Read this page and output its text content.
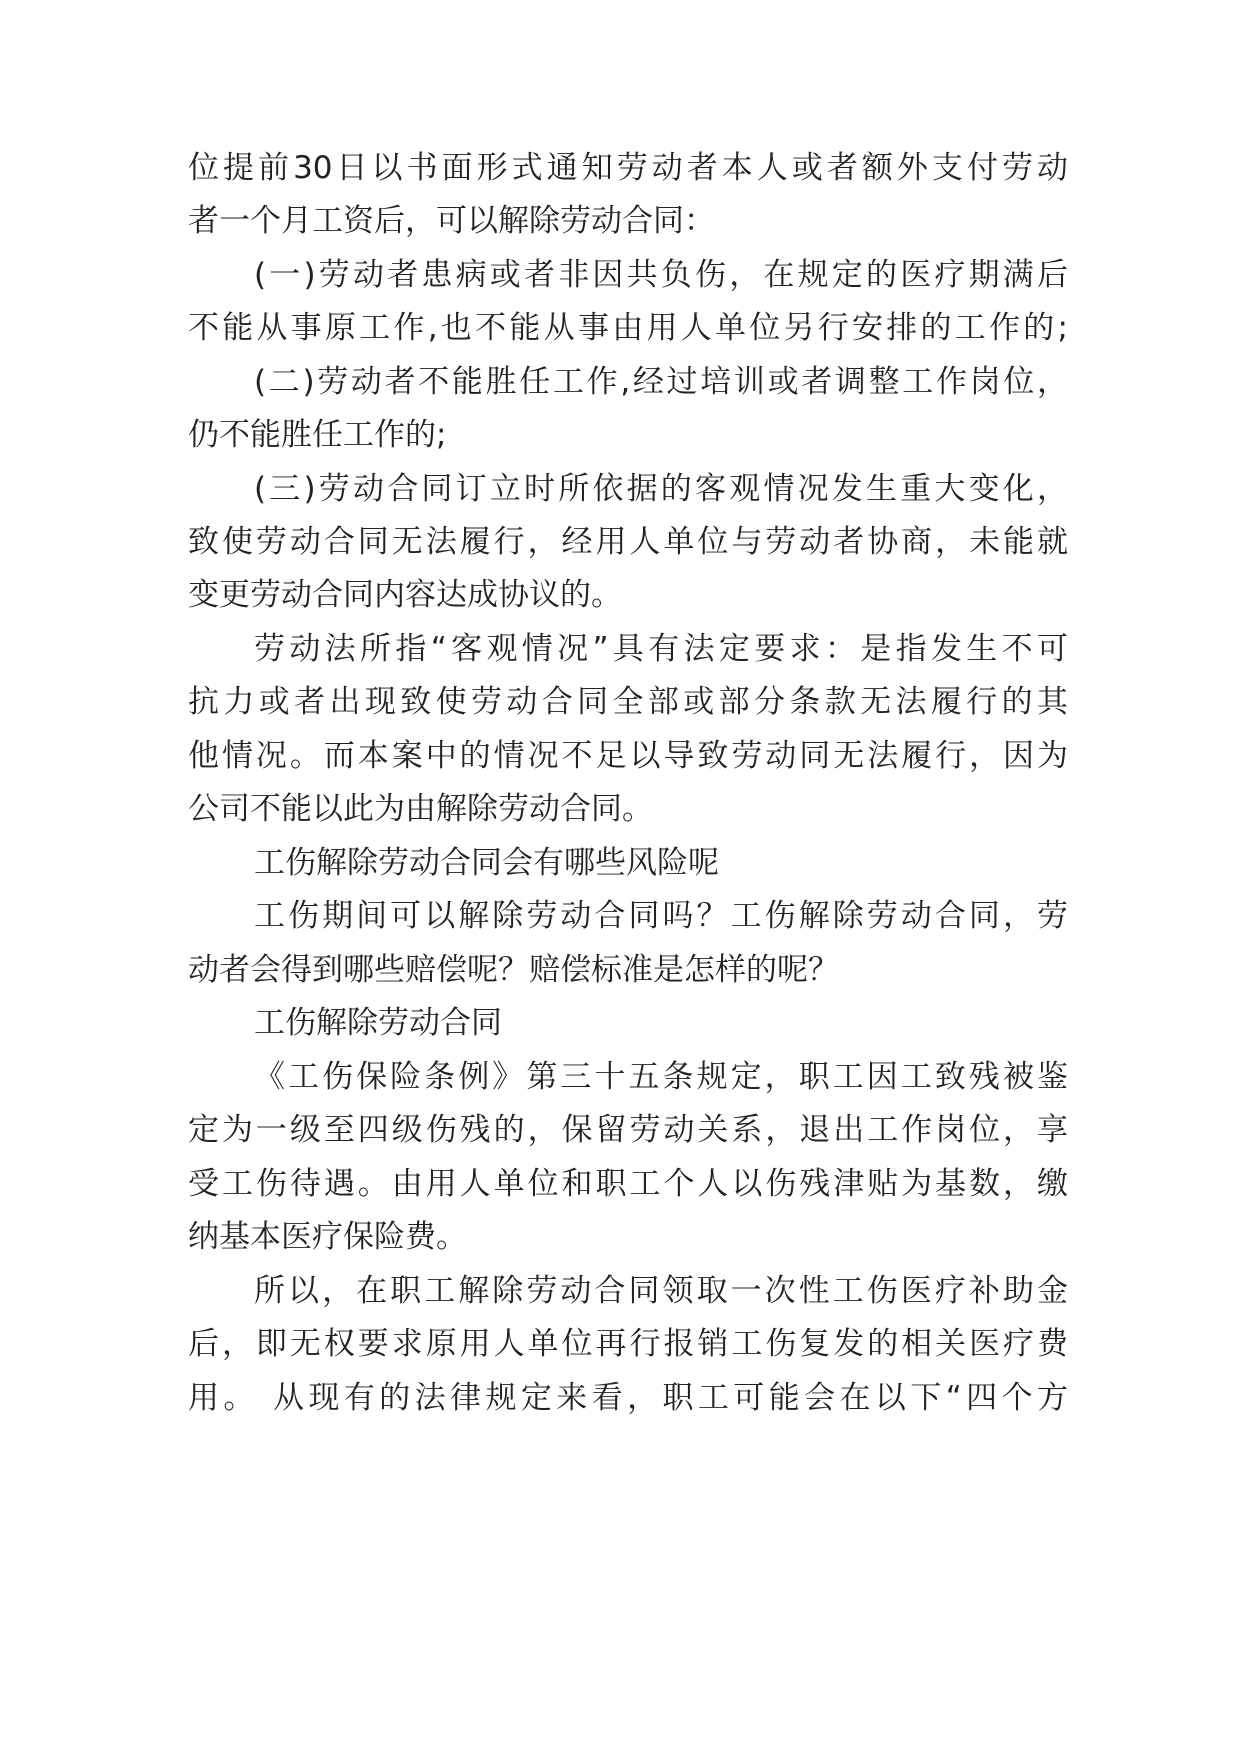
位提前30日以书面形式通知劳动者本人或者额外支付劳动
者一个月工资后，可以解除劳动合同：
(一)劳动者患病或者非因共负伤，在规定的医疗期满后
不能从事原工作,也不能从事由用人单位另行安排的工作的;
(二)劳动者不能胜任工作,经过培训或者调整工作岗位，
仍不能胜任工作的;
(三)劳动合同订立时所依据的客观情况发生重大变化，
致使劳动合同无法履行，经用人单位与劳动者协商，未能就
变更劳动合同内容达成协议的。
劳动法所指“客观情况”具有法定要求：是指发生不可
抗力或者出现致使劳动合同全部或部分条款无法履行的其
他情况。而本案中的情况不足以导致劳动同无法履行，因为
公司不能以此为由解除劳动合同。
工伤解除劳动合同会有哪些风险呢
工伤期间可以解除劳动合同吗？工伤解除劳动合同，劳
动者会得到哪些赔偿呢？赔偿标准是怎样的呢？
工伤解除劳动合同
《工伤保险条例》第三十五条规定，职工因工致残被鉴
定为一级至四级伤残的，保留劳动关系，退出工作岗位，享
受工伤待遇。由用人单位和职工个人以伤残津贴为基数，缴
纳基本医疗保险费。
所以，在职工解除劳动合同领取一次性工伤医疗补助金
后，即无权要求原用人单位再行报销工伤复发的相关医疗费
用。 从现有的法律规定来看，职工可能会在以下“四个方
